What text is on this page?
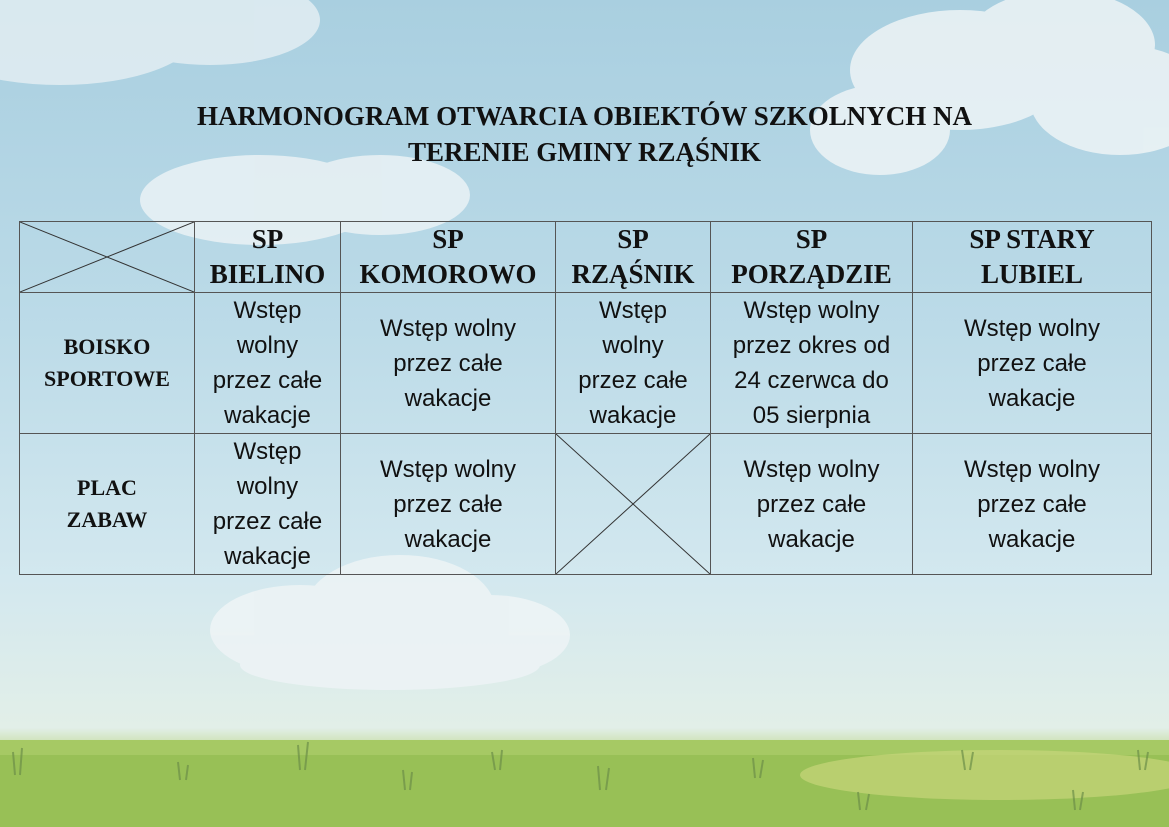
HARMONOGRAM OTWARCIA OBIEKTÓW SZKOLNYCH NA
TERENIE GMINY RZĄŚNIK
	SP
BIELINO	SP
KOMOROWO	SP
RZĄŚNIK	SP
PORZĄDZIE	SP STARY
LUBIEL
BOISKO
SPORTOWE	Wstęp
wolny
przez całe
wakacje	Wstęp wolny
przez całe
wakacje	Wstęp
wolny
przez całe
wakacje	Wstęp wolny
przez okres od
24 czerwca do
05 sierpnia	Wstęp wolny
przez całe
wakacje

PLAC
ZABAW	Wstęp
wolny
przez całe
wakacje	Wstęp wolny
przez całe
wakacje		Wstęp wolny
przez całe
wakacje	Wstęp wolny
przez całe
wakacje
